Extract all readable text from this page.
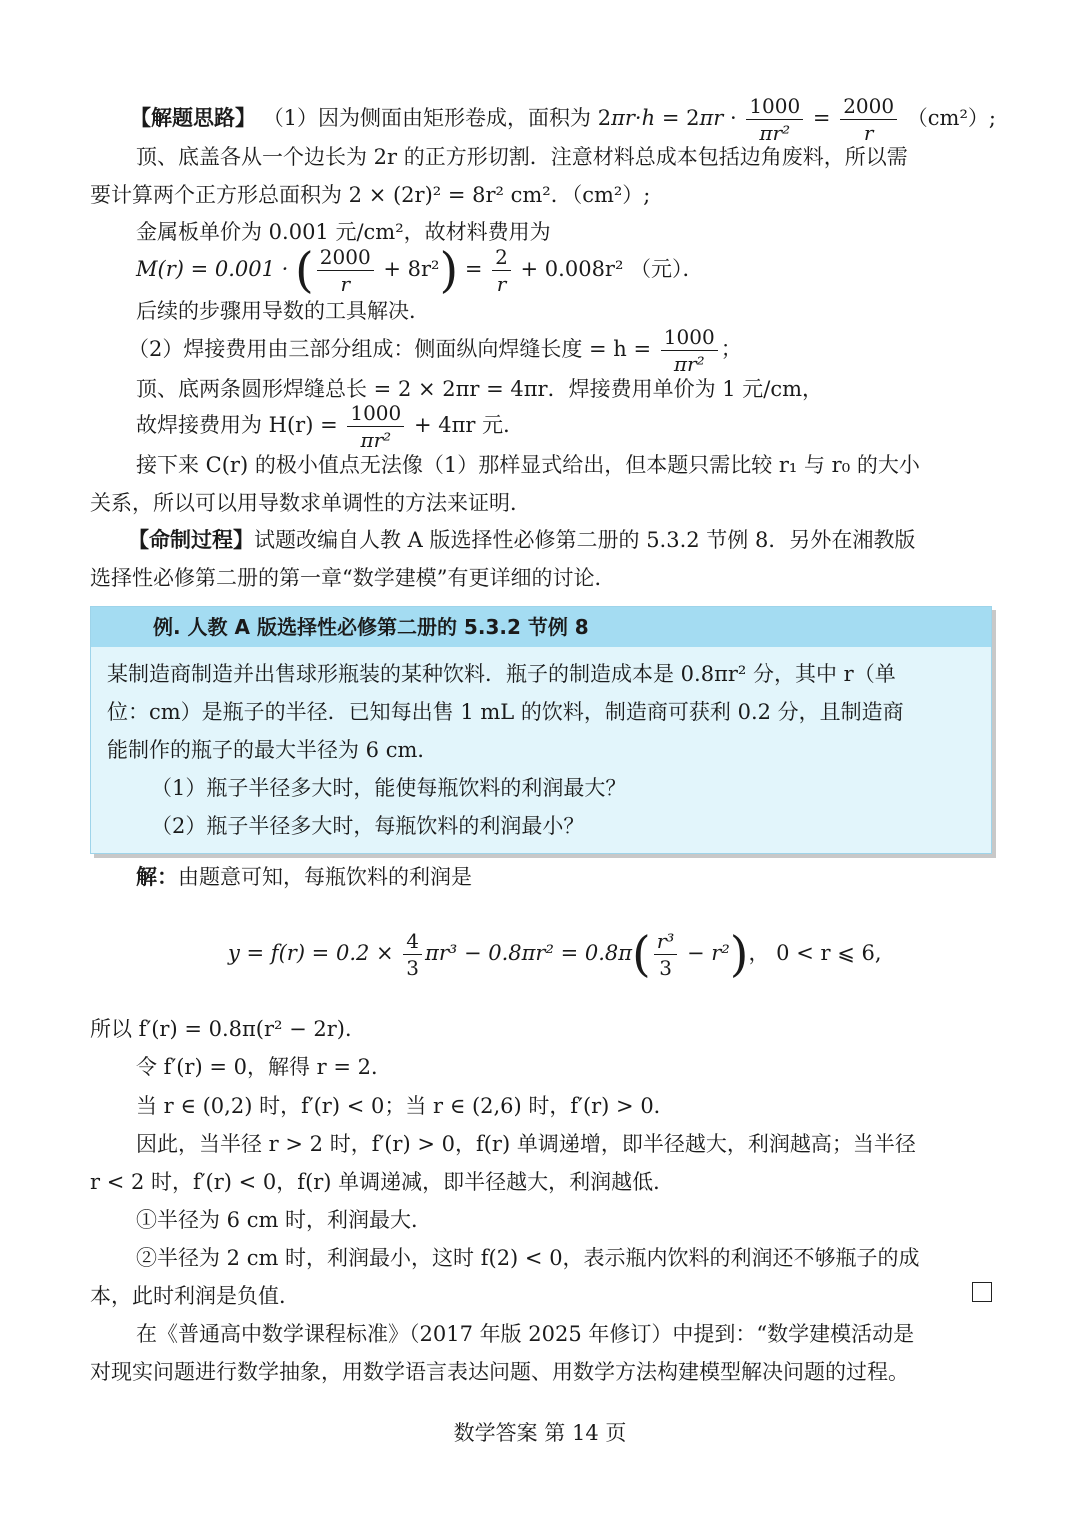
【解题思路】 （1）因为侧面由矩形卷成，面积为 $2\pi r\cdot h = 2\pi r \cdot \frac{1000}{\text{πr²}} = \frac{2000}{r} (cm^2)$;
顶、底盖各从一个边长为 2r 的正方形切割．注意材料总成本包括边角废料，所以需
要计算两个正方形总面积为 2 × (2r)² = 8r² cm²．（cm²）;
金属板单价为 0.001 元/cm²，故材料费用为
M(r) = 0.001 · ( $\frac{2000}{r} + 8r^2) = \frac{2}{r} + 0.008r^2$ （元）．
后续的步骤用导数的工具解决．
（2）焊接费用由三部分组成：侧面纵向焊缝长度 = $h = \frac{1000}{\text{πr²}}$ ；
顶、底两条圆形焊缝总长 = 2 × 2πr = 4πr．焊接费用单价为 1 元/cm，
故焊接费用为 $H(r) = \frac{1000}{\text{πr²}} + 4\pi r$ 元．
接下来 C(r) 的极小值点无法像（1）那样显式给出，但本题只需比较 r₁ 与 r₀ 的大小
关系，所以可以用导数求单调性的方法来证明．
【命制过程】试题改编自人教 A 版选择性必修第二册的 5.3.2 节例 8．另外在湘教版
选择性必修第二册的第一章“数学建模”有更详细的讨论．
例. 人教 A 版选择性必修第二册的 5.3.2 节例 8
某制造商制造并出售球形瓶装的某种饮料．瓶子的制造成本是 0.8πr² 分，其中 r（单
位：cm）是瓶子的半径．已知每出售 1 mL 的饮料，制造商可获利 0.2 分，且制造商
能制作的瓶子的最大半径为 6 cm．
（1）瓶子半径多大时，能使每瓶饮料的利润最大？
（2）瓶子半径多大时，每瓶饮料的利润最小？
解：由题意可知，每瓶饮料的利润是
$y = f(r) = 0.2 \times \frac{4}{3} \pi r^3 - 0.8\pi r^2 = 0.8\pi( \frac{\text{r³}}{3} - r^2)$， 0 < r ⩽ 6,
所以 f′(r) = 0.8π(r² − 2r)．
令 f′(r) = 0，解得 r = 2．
当 r ∈ (0,2) 时，f′(r) < 0；当 r ∈ (2,6) 时，f′(r) > 0．
因此，当半径 r > 2 时，f′(r) > 0，f(r) 单调递增，即半径越大，利润越高；当半径
r < 2 时，f′(r) < 0，f(r) 单调递减，即半径越大，利润越低．
①半径为 6 cm 时，利润最大．
②半径为 2 cm 时，利润最小，这时 f(2) < 0，表示瓶内饮料的利润还不够瓶子的成
本，此时利润是负值．
在《普通高中数学课程标准》（2017 年版 2025 年修订）中提到：“数学建模活动是
对现实问题进行数学抽象，用数学语言表达问题、用数学方法构建模型解决问题的过程。
数学答案 第 14 页
